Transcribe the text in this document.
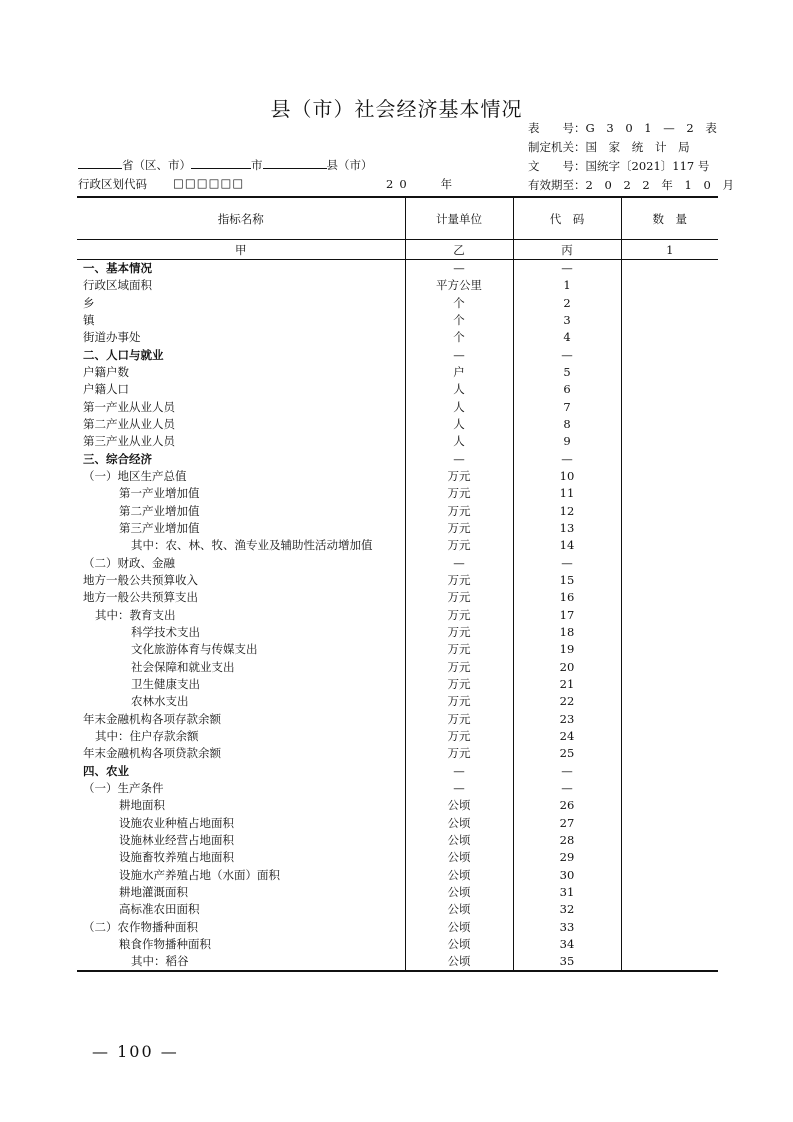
县（市）社会经济基本情况
表　　号：G 3 0 1 — 2 表
制定机关：国 家 统 计 局
文　　号：国统字〔2021〕117 号
有效期至：2 0 2 2 年 1 0 月
省（区、市）	市	县（市）
行政区划代码 □□□□□□	20 年
指标名称	计量单位	代　码	数　量
甲	乙	丙	1
一、基本情况	—	—	
行政区域面积	平方公里	1	
乡	个	2	
镇	个	3	
街道办事处	个	4	
二、人口与就业	—	—	
户籍户数	户	5	
户籍人口	人	6	
第一产业从业人员	人	7	
第二产业从业人员	人	8	
第三产业从业人员	人	9	
三、综合经济	—	—	
（一）地区生产总值	万元	10	
第一产业增加值	万元	11	
第二产业增加值	万元	12	
第三产业增加值	万元	13	
其中：农、林、牧、渔专业及辅助性活动增加值	万元	14	
（二）财政、金融	—	—	
地方一般公共预算收入	万元	15	
地方一般公共预算支出	万元	16	
其中：教育支出	万元	17	
科学技术支出	万元	18	
文化旅游体育与传媒支出	万元	19	
社会保障和就业支出	万元	20	
卫生健康支出	万元	21	
农林水支出	万元	22	
年末金融机构各项存款余额	万元	23	
其中：住户存款余额	万元	24	
年末金融机构各项贷款余额	万元	25	
四、农业	—	—	
（一）生产条件	—	—	
耕地面积	公顷	26	
设施农业种植占地面积	公顷	27	
设施林业经营占地面积	公顷	28	
设施畜牧养殖占地面积	公顷	29	
设施水产养殖占地（水面）面积	公顷	30	
耕地灌溉面积	公顷	31	
高标准农田面积	公顷	32	
（二）农作物播种面积	公顷	33	
粮食作物播种面积	公顷	34	
其中：稻谷	公顷	35	
— 100 —
